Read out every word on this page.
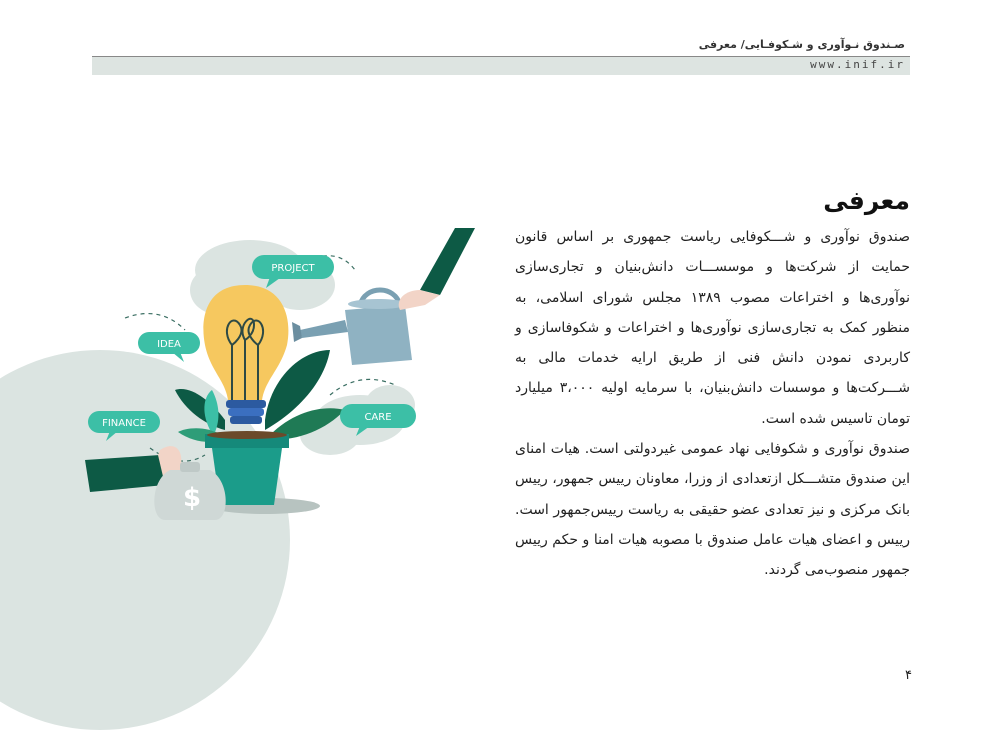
صـندوق نـوآوری و شـکوفـایی/ معرفی
www.inif.ir
$
PROJECT
IDEA
FINANCE
CARE
معرفی

صندوق نوآوری و شـــکوفایی ریاست جمهوری بر اساس قانون حمایت از شرکت‌ها و موسســـات دانش‌بنیان و تجاری‌سازی نوآوری‌ها و اختراعات مصوب ۱۳۸۹ مجلس شورای اسلامی، به منظور کمک به تجاری‌سازی نوآوری‌ها و اختراعات و شکوفاسازی و کاربردی نمودن دانش فنی از طریق ارایه خدمات مالی به شـــرکت‌ها و موسسات دانش‌بنیان، با سرمایه اولیه ۳،۰۰۰ میلیارد تومان تاسیس شده است.

صندوق نوآوری و شکوفایی نهاد عمومی غیردولتی است. هیات امنای این صندوق متشـــکل از‌تعدادی از وزرا، معاونان رییس جمهور، رییس بانک مرکزی و نیز تعدادی عضو حقیقی به ریاست رییس‌جمهور است. رییس و اعضای هیات عامل صندوق با مصوبه هیات امنا و حکم رییس جمهور منصوب‌می گردند.

۴
